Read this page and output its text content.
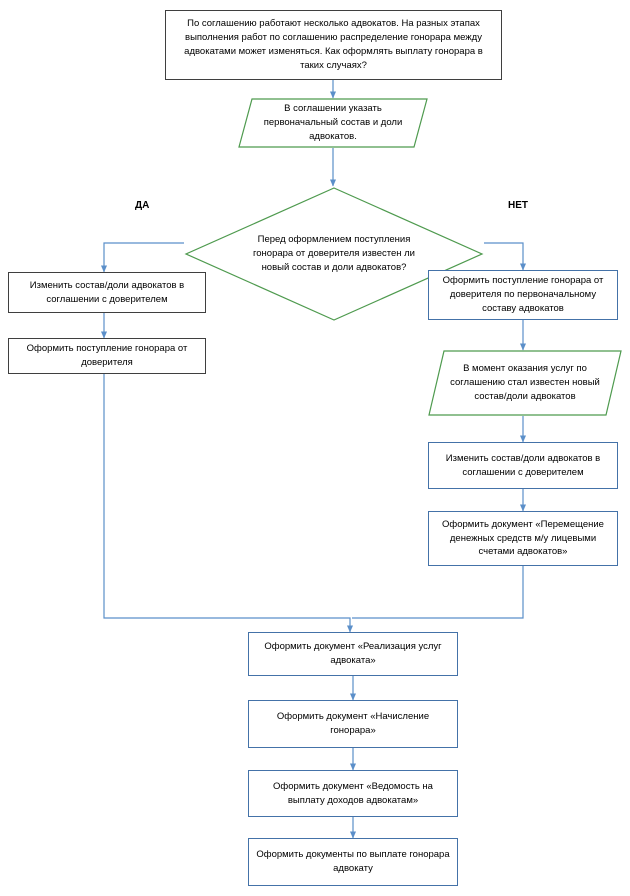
По соглашению работают несколько адвокатов. На разных этапах выполнения работ по соглашению распределение гонорара между адвокатами может изменяться. Как оформлять выплату гонорара в таких случаях?
В соглашении указать первоначальный состав и доли адвокатов.
Перед оформлением поступления гонорара от доверителя известен ли новый состав и доли адвокатов?
ДА	НЕТ
Изменить состав/доли адвокатов в соглашении с доверителем
Оформить поступление гонорара от доверителя
Оформить поступление гонорара от доверителя по первоначальному составу адвокатов
В момент оказания услуг по соглашению стал известен новый состав/доли адвокатов
Изменить состав/доли адвокатов в соглашении с доверителем
Оформить документ «Перемещение денежных средств м/у лицевыми счетами адвокатов»
Оформить документ «Реализация услуг адвоката»
Оформить документ «Начисление гонорара»
Оформить документ «Ведомость на выплату доходов адвокатам»
Оформить документы по выплате гонорара адвокату
